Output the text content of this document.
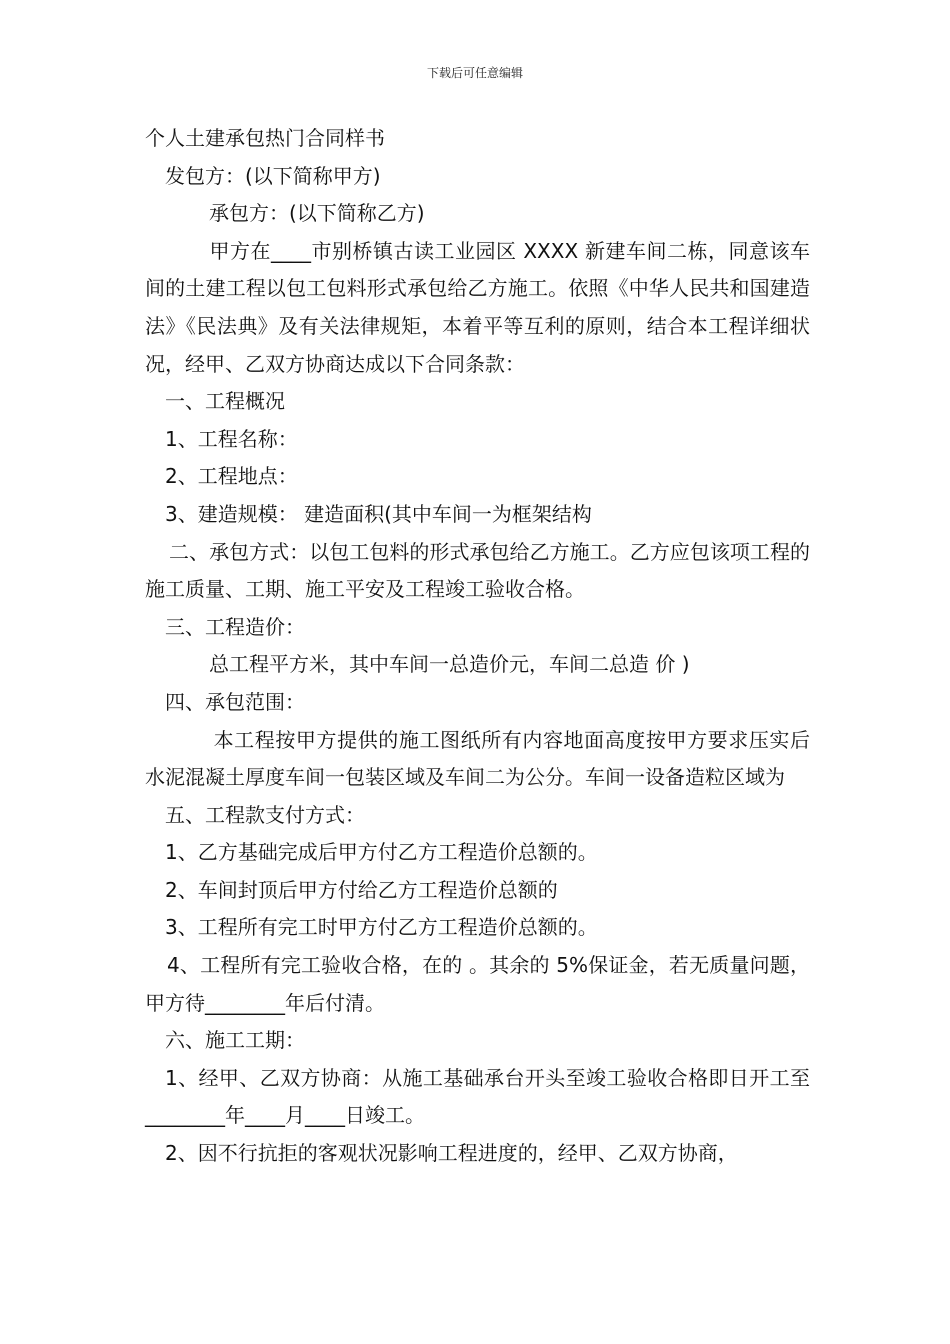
下载后可任意编辑
个人土建承包热门合同样书
发包方：(以下简称甲方)
承包方：(以下简称乙方)
甲方在____市别桥镇古读工业园区 XXXX 新建车间二栋，同意该车间的土建工程以包工包料形式承包给乙方施工。依照《中华人民共和国建造法》《民法典》及有关法律规矩，本着平等互利的原则，结合本工程详细状况，经甲、乙双方协商达成以下合同条款：
一、工程概况
1、工程名称：
2、工程地点：
3、建造规模： 建造面积(其中车间一为框架结构
二、承包方式：以包工包料的形式承包给乙方施工。乙方应包该项工程的施工质量、工期、施工平安及工程竣工验收合格。
三、工程造价：
总工程平方米，其中车间一总造价元，车间二总造 价 )
四、承包范围：
本工程按甲方提供的施工图纸所有内容地面高度按甲方要求压实后水泥混凝土厚度车间一包装区域及车间二为公分。车间一设备造粒区域为
五、工程款支付方式：
1、乙方基础完成后甲方付乙方工程造价总额的。
2、车间封顶后甲方付给乙方工程造价总额的
3、工程所有完工时甲方付乙方工程造价总额的。
4、工程所有完工验收合格，在的 。其余的 5%保证金，若无质量问题，甲方待________年后付清。
六、施工工期：
1、经甲、乙双方协商：从施工基础承台开头至竣工验收合格即日开工至________年____月____日竣工。
2、因不行抗拒的客观状况影响工程进度的，经甲、乙双方协商，
